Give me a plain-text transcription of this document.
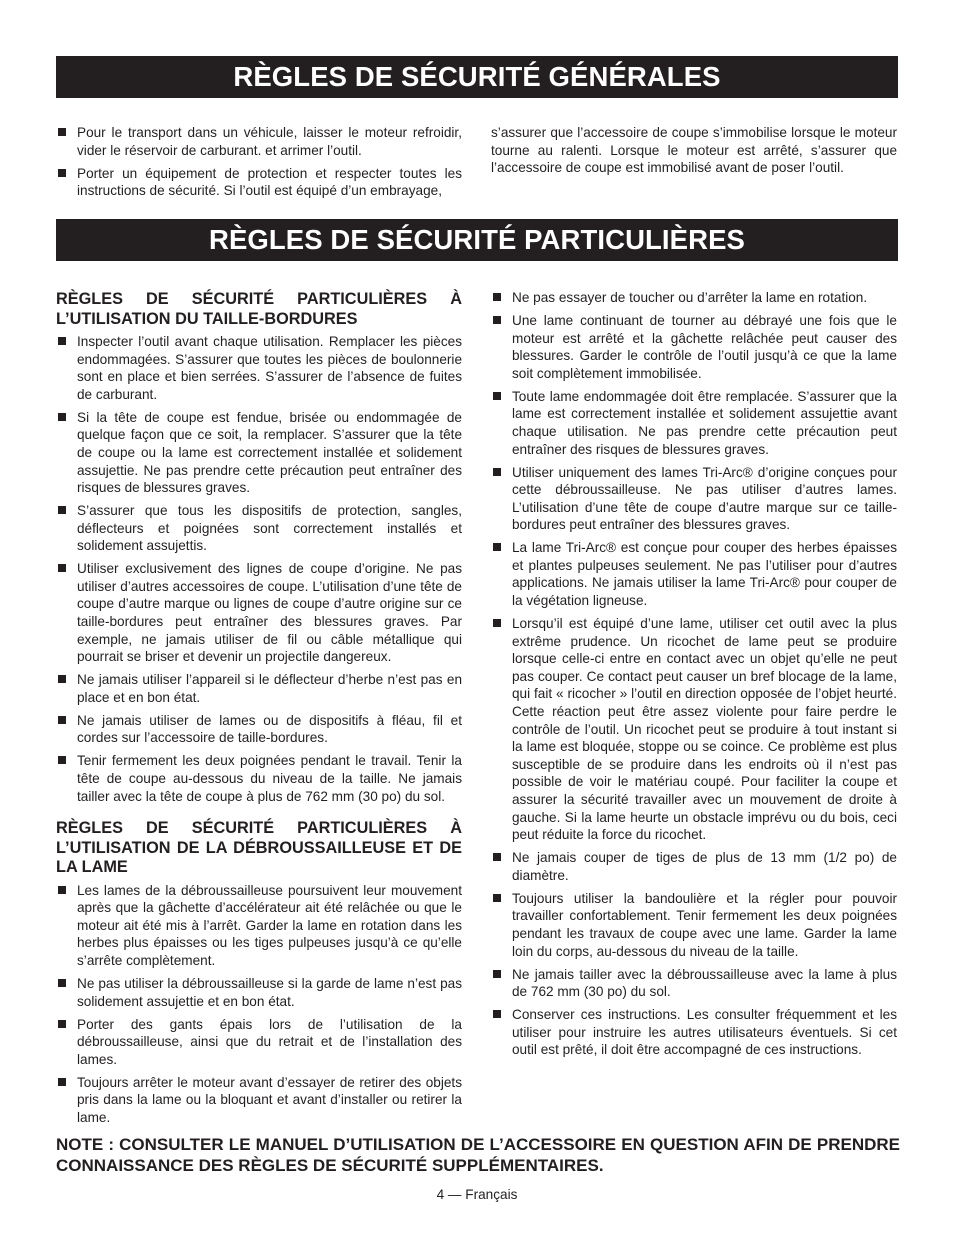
RÈGLES DE SÉCURITÉ GÉNÉRALES
Pour le transport dans un véhicule, laisser le moteur refroidir, vider le réservoir de carburant. et arrimer l’outil.
Porter un équipement de protection et respecter toutes les instructions de sécurité. Si l’outil est équipé d’un embrayage,
s’assurer que l’accessoire de coupe s’immobilise lorsque le moteur tourne au ralenti. Lorsque le moteur est arrêté, s’assurer que l’accessoire de coupe est immobilisé avant de poser l’outil.
RÈGLES DE SÉCURITÉ PARTICULIÈRES
RÈGLES DE SÉCURITÉ PARTICULIÈRES À L’UTILISATION DU TAILLE-BORDURES
Inspecter l’outil avant chaque utilisation. Remplacer les pièces endommagées. S’assurer que toutes les pièces de boulonnerie sont en place et bien serrées. S’assurer de l’absence de fuites de carburant.
Si la tête de coupe est fendue, brisée ou endommagée de quelque façon que ce soit, la remplacer. S’assurer que la tête de coupe ou la lame est correctement installée et solidement assujettie. Ne pas prendre cette précaution peut entraîner des risques de blessures graves.
S’assurer que tous les dispositifs de protection, sangles, déflecteurs et poignées sont correctement installés et solidement assujettis.
Utiliser exclusivement des lignes de coupe d’origine. Ne pas utiliser d’autres accessoires de coupe. L’utilisation d’une tête de coupe d’autre marque ou lignes de coupe d’autre origine sur ce taille-bordures peut entraîner des blessures graves. Par exemple, ne jamais utiliser de fil ou câble métallique qui pourrait se briser et devenir un projectile dangereux.
Ne jamais utiliser l’appareil si le déflecteur d’herbe n’est pas en place et en bon état.
Ne jamais utiliser de lames ou de dispositifs à fléau, fil et cordes sur l’accessoire de taille-bordures.
Tenir fermement les deux poignées pendant le travail. Tenir la tête de coupe au-dessous du niveau de la taille. Ne jamais tailler avec la tête de coupe à plus de 762 mm (30 po) du sol.
RÈGLES DE SÉCURITÉ PARTICULIÈRES À L’UTILISATION DE LA DÉBROUSSAILLEUSE ET DE LA LAME
Les lames de la débroussailleuse poursuivent leur mouvement après que la gâchette d’accélérateur ait été relâchée ou que le moteur ait été mis à l’arrêt. Garder la lame en rotation dans les herbes plus épaisses ou les tiges pulpeuses jusqu’à ce qu’elle s’arrête complètement.
Ne pas utiliser la débroussailleuse si la garde de lame n’est pas solidement assujettie et en bon état.
Porter des gants épais lors de l’utilisation de la débroussailleuse, ainsi que du retrait et de l’installation des lames.
Toujours arrêter le moteur avant d’essayer de retirer des objets pris dans la lame ou la bloquant et avant d’installer ou retirer la lame.
Ne pas essayer de toucher ou d’arrêter la lame en rotation.
Une lame continuant de tourner au débrayé une fois que le moteur est arrêté et la gâchette relâchée peut causer des blessures. Garder le contrôle de l’outil jusqu’à ce que la lame soit complètement immobilisée.
Toute lame endommagée doit être remplacée. S’assurer que la lame est correctement installée et solidement assujettie avant chaque utilisation. Ne pas prendre cette précaution peut entraîner des risques de blessures graves.
Utiliser uniquement des lames Tri-Arc® d’origine conçues pour cette débroussailleuse. Ne pas utiliser d’autres lames. L’utilisation d’une tête de coupe d’autre marque sur ce taille-bordures peut entraîner des blessures graves.
La lame Tri-Arc® est conçue pour couper des herbes épaisses et plantes pulpeuses seulement. Ne pas l’utiliser pour d’autres applications. Ne jamais utiliser la lame Tri-Arc® pour couper de la végétation ligneuse.
Lorsqu’il est équipé d’une lame, utiliser cet outil avec la plus extrême prudence. Un ricochet de lame peut se produire lorsque celle-ci entre en contact avec un objet qu’elle ne peut pas couper. Ce contact peut causer un bref blocage de la lame, qui fait « ricocher » l’outil en direction opposée de l’objet heurté. Cette réaction peut être assez violente pour faire perdre le contrôle de l’outil. Un ricochet peut se produire à tout instant si la lame est bloquée, stoppe ou se coince. Ce problème est plus susceptible de se produire dans les endroits où il n’est pas possible de voir le matériau coupé. Pour faciliter la coupe et assurer la sécurité travailler avec un mouvement de droite à gauche. Si la lame heurte un obstacle imprévu ou du bois, ceci peut réduite la force du ricochet.
Ne jamais couper de tiges de plus de 13 mm (1/2 po) de diamètre.
Toujours utiliser la bandoulière et la régler pour pouvoir travailler confortablement. Tenir fermement les deux poignées pendant les travaux de coupe avec une lame. Garder la lame loin du corps, au-dessous du niveau de la taille.
Ne jamais tailler avec la débroussailleuse avec la lame à plus de 762 mm (30 po) du sol.
Conserver ces instructions. Les consulter fréquemment et les utiliser pour instruire les autres utilisateurs éventuels. Si cet outil est prêté, il doit être accompagné de ces instructions.
NOTE : CONSULTER LE MANUEL D’UTILISATION DE L’ACCESSOIRE EN QUESTION AFIN DE PRENDRE CONNAISSANCE DES RÈGLES DE SÉCURITÉ SUPPLÉMENTAIRES.
4 — Français
